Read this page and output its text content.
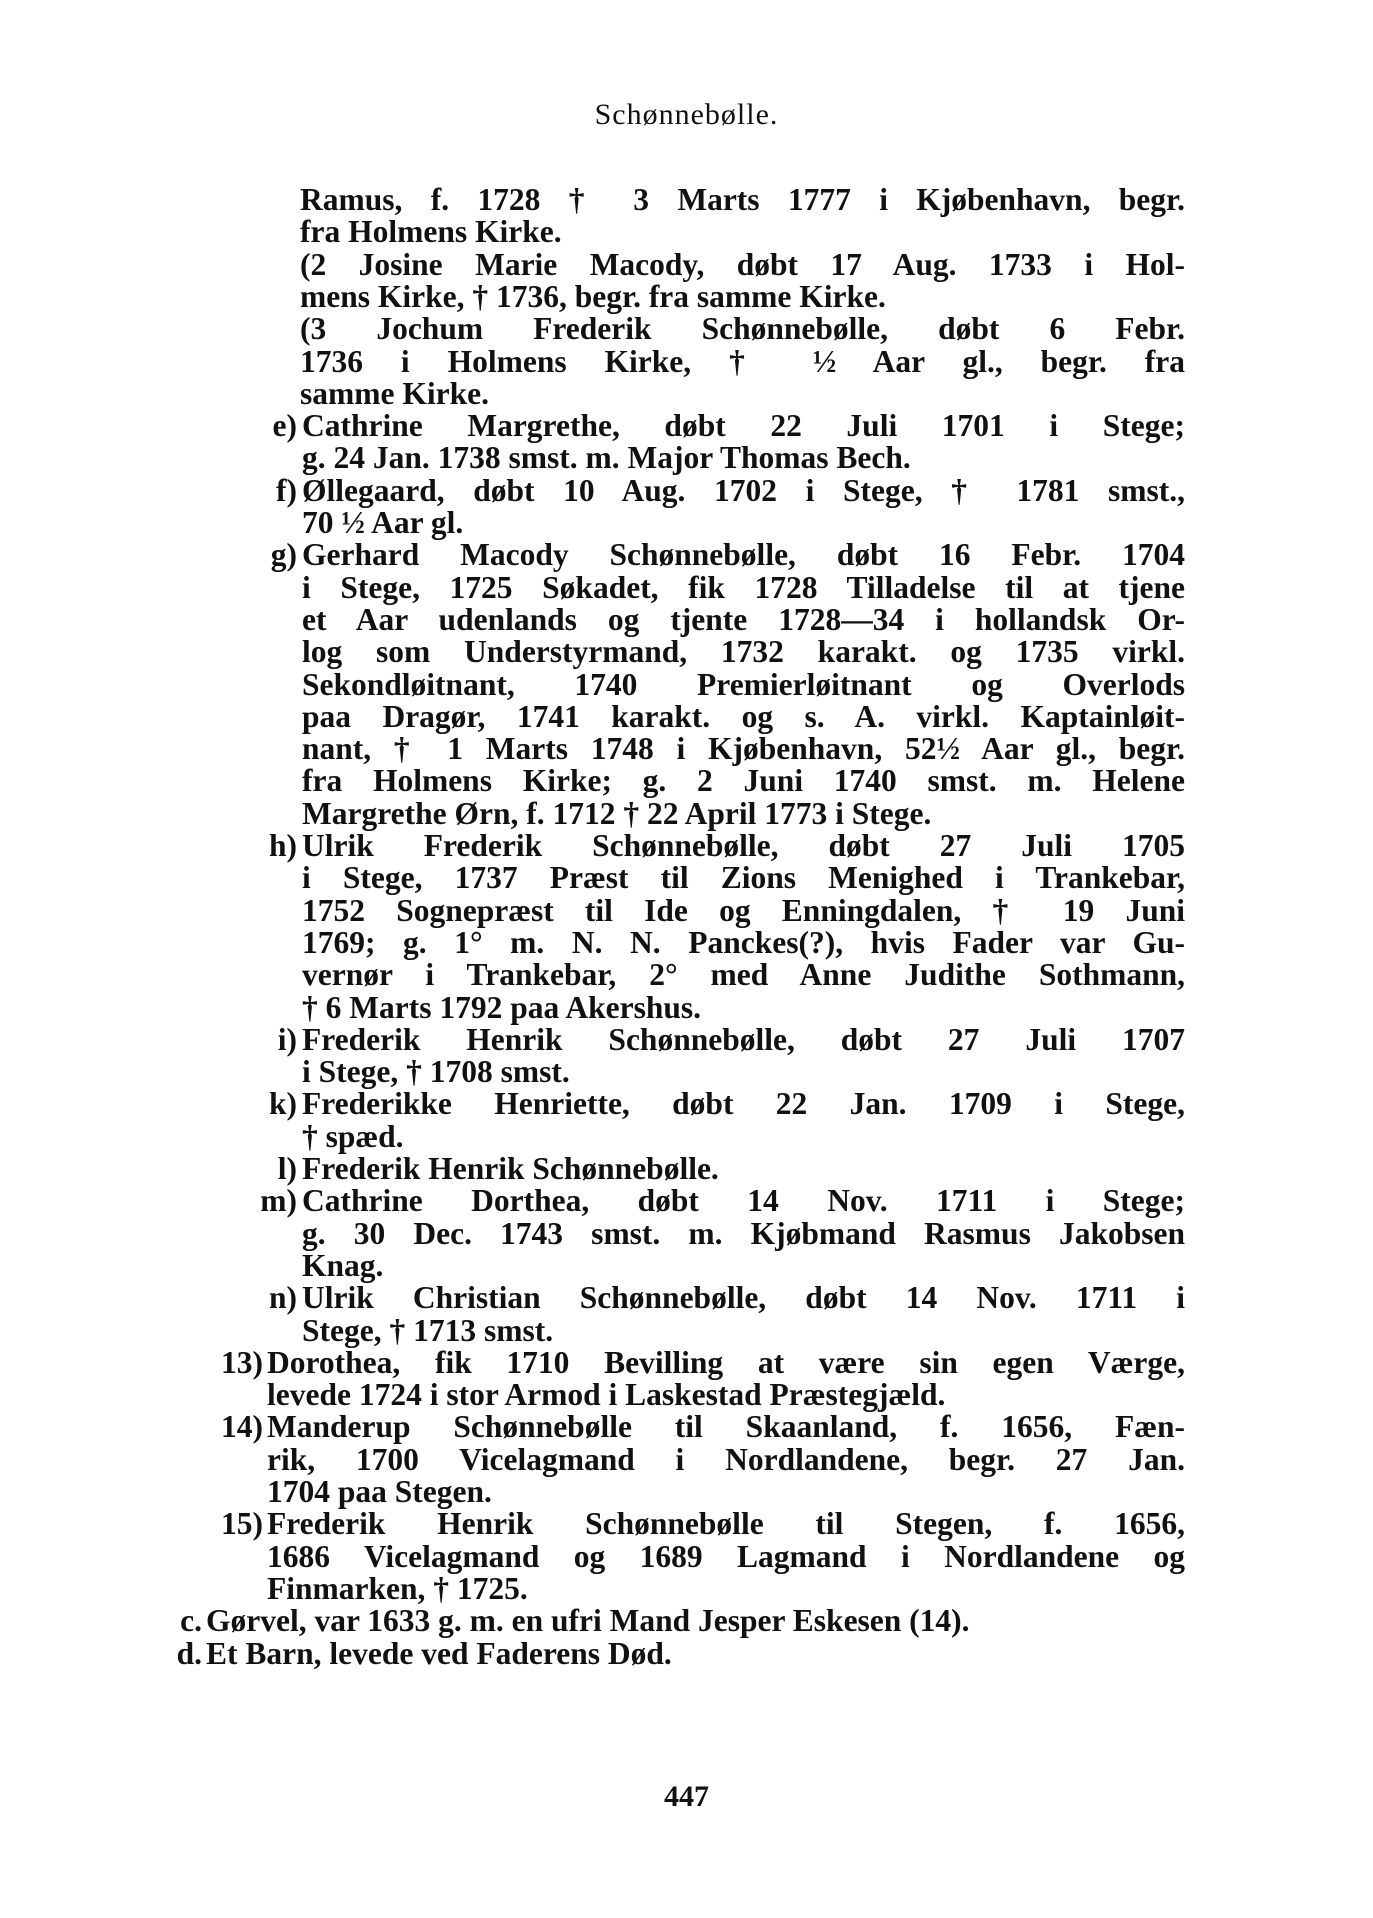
Schønnebølle.
Ramus, f. 1728 † 3 Marts 1777 i Kjøbenhavn, begr.
fra Holmens Kirke.
(2 Josine Marie Macody, døbt 17 Aug. 1733 i Hol-
mens Kirke, † 1736, begr. fra samme Kirke.
(3 Jochum Frederik Schønnebølle, døbt 6 Febr.
1736 i Holmens Kirke, † ½ Aar gl., begr. fra
samme Kirke.
e) Cathrine Margrethe, døbt 22 Juli 1701 i Stege;
g. 24 Jan. 1738 smst. m. Major Thomas Bech.
f) Øllegaard, døbt 10 Aug. 1702 i Stege, † 1781 smst.,
70 ½ Aar gl.
g) Gerhard Macody Schønnebølle, døbt 16 Febr. 1704
i Stege, 1725 Søkadet, fik 1728 Tilladelse til at tjene
et Aar udenlands og tjente 1728—34 i hollandsk Or-
log som Understyrmand, 1732 karakt. og 1735 virkl.
Sekondløitnant, 1740 Premierløitnant og Overlods
paa Dragør, 1741 karakt. og s. A. virkl. Kaptainløit-
nant, † 1 Marts 1748 i Kjøbenhavn, 52½ Aar gl., begr.
fra Holmens Kirke; g. 2 Juni 1740 smst. m. Helene
Margrethe Ørn, f. 1712 † 22 April 1773 i Stege.
h) Ulrik Frederik Schønnebølle, døbt 27 Juli 1705
i Stege, 1737 Præst til Zions Menighed i Trankebar,
1752 Sognepræst til Ide og Enningdalen, † 19 Juni
1769; g. 1° m. N. N. Panckes(?), hvis Fader var Gu-
vernør i Trankebar, 2° med Anne Judithe Sothmann,
† 6 Marts 1792 paa Akershus.
i) Frederik Henrik Schønnebølle, døbt 27 Juli 1707
i Stege, † 1708 smst.
k) Frederikke Henriette, døbt 22 Jan. 1709 i Stege,
† spæd.
l) Frederik Henrik Schønnebølle.
m) Cathrine Dorthea, døbt 14 Nov. 1711 i Stege;
g. 30 Dec. 1743 smst. m. Kjøbmand Rasmus Jakobsen
Knag.
n) Ulrik Christian Schønnebølle, døbt 14 Nov. 1711 i
Stege, † 1713 smst.
13) Dorothea, fik 1710 Bevilling at være sin egen Værge,
levede 1724 i stor Armod i Laskestad Præstegjæld.
14) Manderup Schønnebølle til Skaanland, f. 1656, Fæn-
rik, 1700 Vicelagmand i Nordlandene, begr. 27 Jan.
1704 paa Stegen.
15) Frederik Henrik Schønnebølle til Stegen, f. 1656,
1686 Vicelagmand og 1689 Lagmand i Nordlandene og
Finmarken, † 1725.
c. Gørvel, var 1633 g. m. en ufri Mand Jesper Eskesen (14).
d. Et Barn, levede ved Faderens Død.
447
